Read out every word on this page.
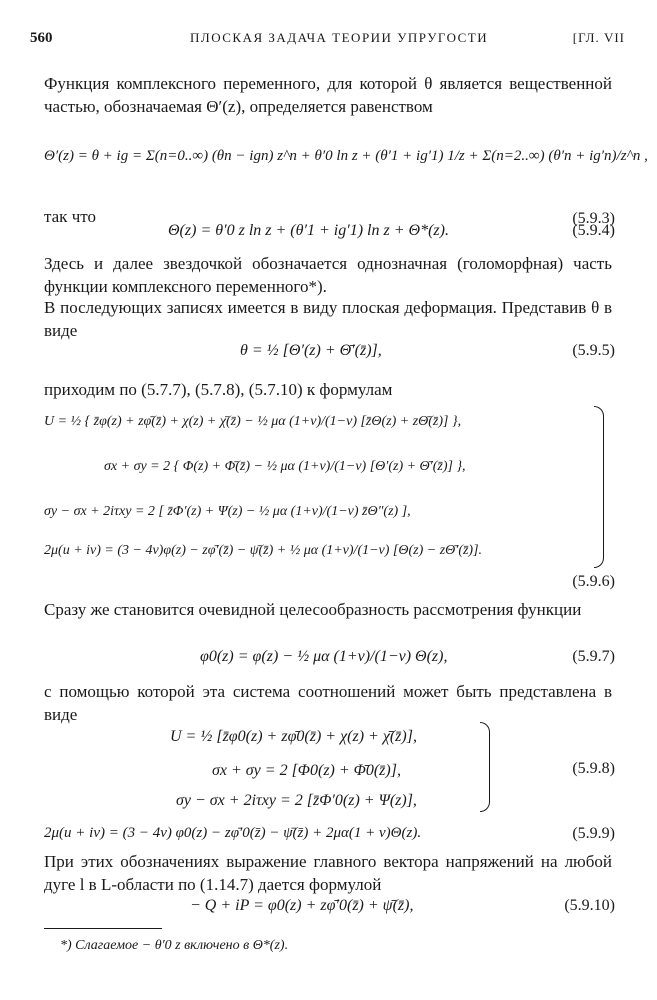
560	ПЛОСКАЯ ЗАДАЧА ТЕОРИИ УПРУГОСТИ	[ГЛ. VII
Функция комплексного переменного, для которой θ является вещественной частью, обозначаемая Θ′(z), определяется равенством
Θ′(z) = θ + ig = Σ(n=0..∞) (θn − ign) z^n + θ′0 ln z + (θ′1 + ig′1) 1/z + Σ(n=2..∞) (θ′n + ig′n)/z^n ,
(5.9.3)
так что
Θ(z) = θ′0 z ln z + (θ′1 + ig′1) ln z + Θ*(z).	(5.9.4)
Здесь и далее звездочкой обозначается однозначная (голоморфная) часть функции комплексного переменного*).
В последующих записях имеется в виду плоская деформация. Представив θ в виде
θ = ½ [Θ′(z) + Θ̄′(z̄)],	(5.9.5)
приходим по (5.7.7), (5.7.8), (5.7.10) к формулам
U = ½ { z̄φ(z) + zφ̄(z̄) + χ(z) + χ̄(z̄) − ½ μα (1+ν)/(1−ν) [z̄Θ(z) + zΘ̄(z̄)] },
σx + σy = 2 { Φ(z) + Φ̄(z̄) − ½ μα (1+ν)/(1−ν) [Θ′(z) + Θ̄′(z̄)] },
σy − σx + 2iτxy = 2 [ z̄Φ′(z) + Ψ(z) − ½ μα (1+ν)/(1−ν) z̄Θ″(z) ],
2μ(u + iv) = (3 − 4ν)φ(z) − zφ̄′(z̄) − ψ̄(z̄) + ½ μα (1+ν)/(1−ν) [Θ(z) − zΘ̄′(z̄)].
(5.9.6)
Сразу же становится очевидной целесообразность рассмотрения функции
φ0(z) = φ(z) − ½ μα (1+ν)/(1−ν) Θ(z),	(5.9.7)
с помощью которой эта система соотношений может быть представлена в виде
U = ½ [z̄φ0(z) + zφ̄0(z̄) + χ(z) + χ̄(z̄)],
σx + σy = 2 [Φ0(z) + Φ̄0(z̄)],
σy − σx + 2iτxy = 2 [z̄Φ′0(z) + Ψ(z)],
(5.9.8)
2μ(u + iv) = (3 − 4ν) φ0(z) − zφ̄′0(z̄) − ψ̄(z̄) + 2μα(1 + ν)Θ(z).	(5.9.9)
При этих обозначениях выражение главного вектора напряжений на любой дуге l в L-области по (1.14.7) дается формулой
− Q + iP = φ0(z) + zφ̄′0(z̄) + ψ̄(z̄),	(5.9.10)
*) Слагаемое − θ′0 z включено в Θ*(z).
